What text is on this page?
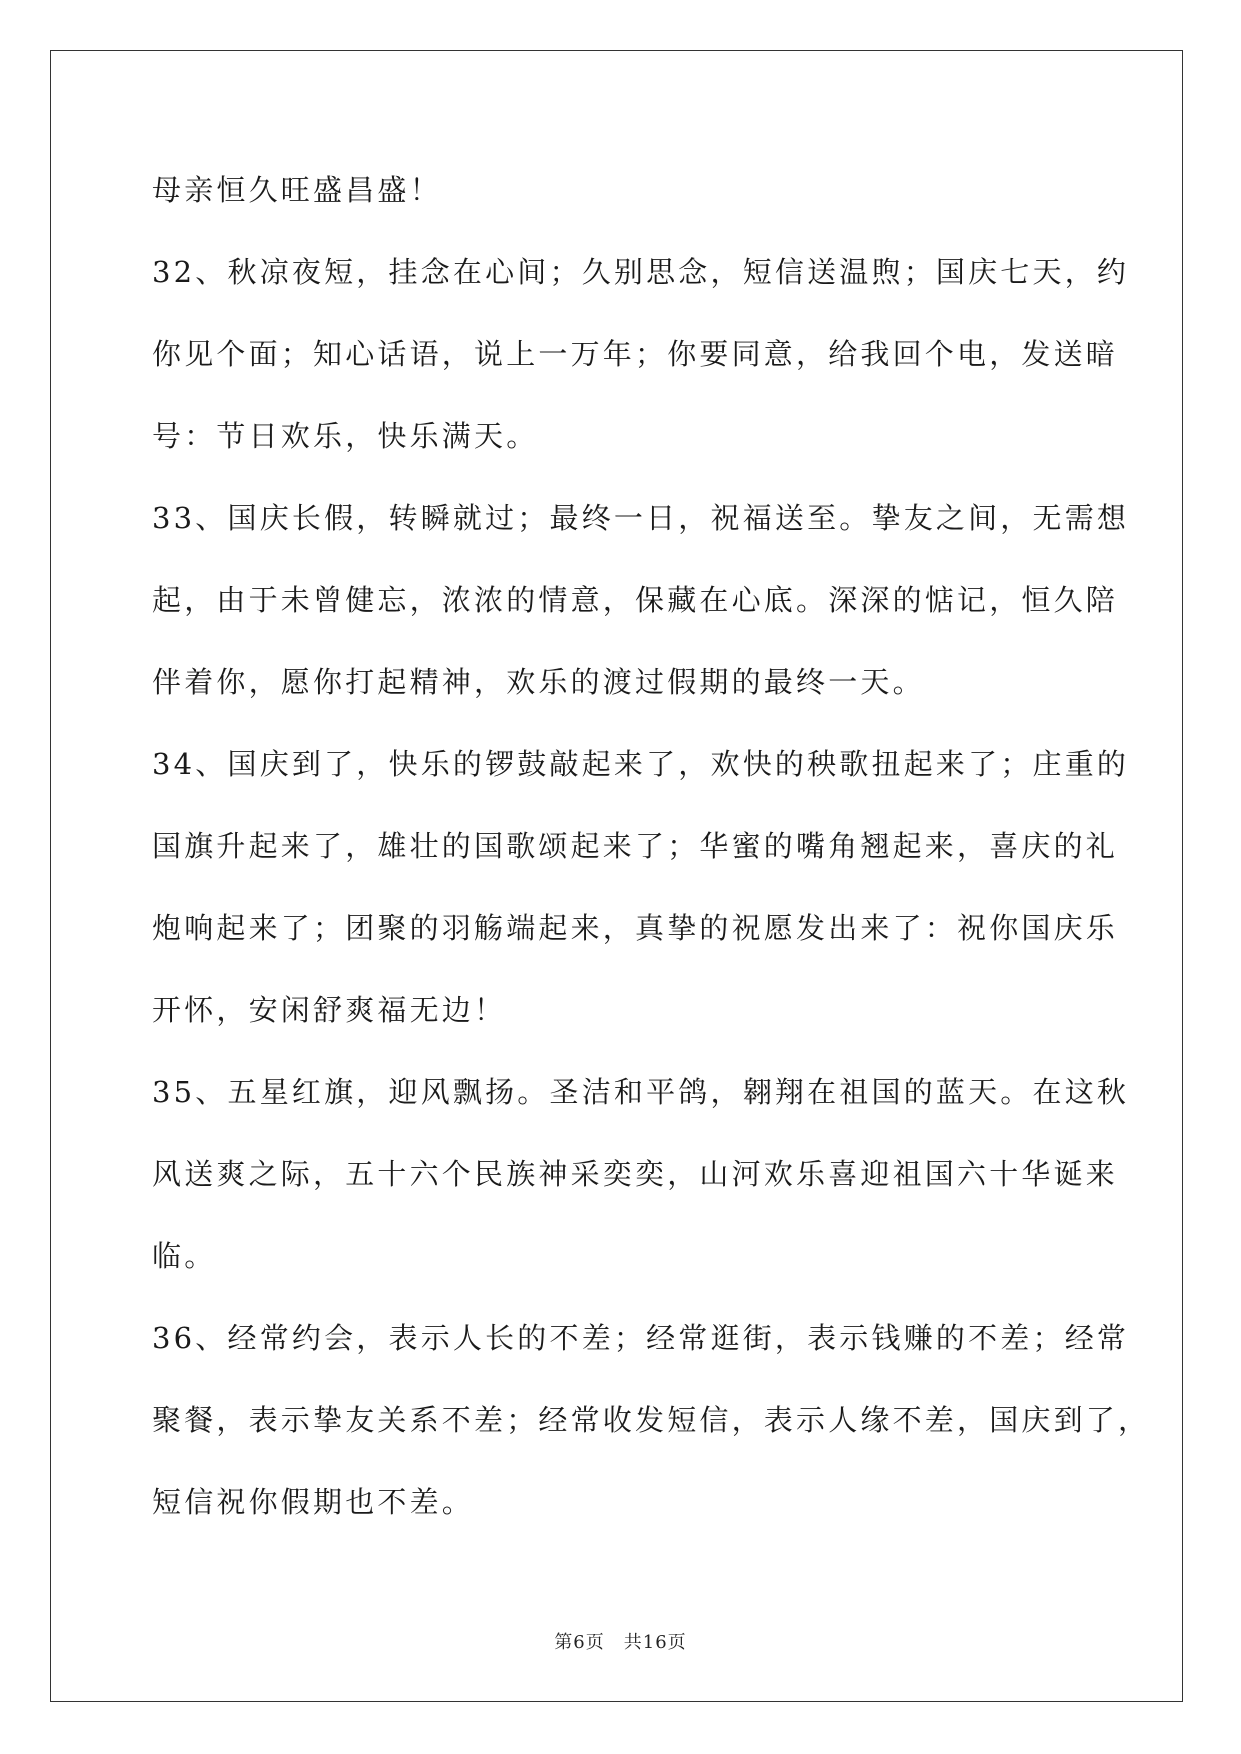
母亲恒久旺盛昌盛！
32、秋凉夜短，挂念在心间；久别思念，短信送温煦；国庆七天，约
你见个面；知心话语，说上一万年；你要同意，给我回个电，发送暗
号：节日欢乐，快乐满天。
33、国庆长假，转瞬就过；最终一日，祝福送至。挚友之间，无需想
起，由于未曾健忘，浓浓的情意，保藏在心底。深深的惦记，恒久陪
伴着你，愿你打起精神，欢乐的渡过假期的最终一天。
34、国庆到了，快乐的锣鼓敲起来了，欢快的秧歌扭起来了；庄重的
国旗升起来了，雄壮的国歌颂起来了；华蜜的嘴角翘起来，喜庆的礼
炮响起来了；团聚的羽觞端起来，真挚的祝愿发出来了：祝你国庆乐
开怀，安闲舒爽福无边！
35、五星红旗，迎风飘扬。圣洁和平鸽，翱翔在祖国的蓝天。在这秋
风送爽之际，五十六个民族神采奕奕，山河欢乐喜迎祖国六十华诞来
临。
36、经常约会，表示人长的不差；经常逛街，表示钱赚的不差；经常
聚餐，表示挚友关系不差；经常收发短信，表示人缘不差，国庆到了，
短信祝你假期也不差。
第6页　共16页
